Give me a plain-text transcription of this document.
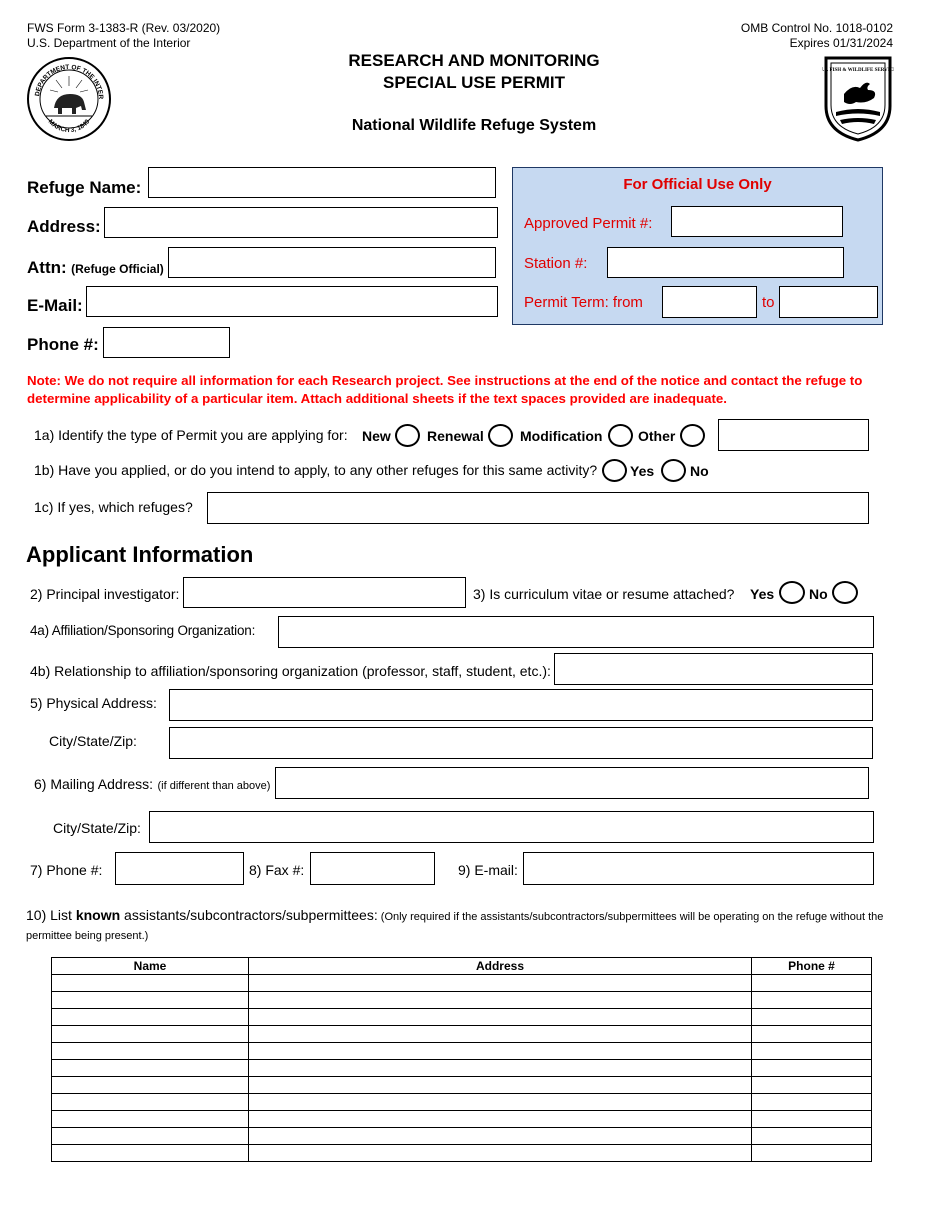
FWS Form 3-1383-R (Rev. 03/2020)
U.S. Department of the Interior
RESEARCH AND MONITORING
SPECIAL USE PERMIT
National Wildlife Refuge System
OMB Control No. 1018-0102
Expires 01/31/2024
DEPARTMENT OF THE INTER
MARCH 3, 1849
U.S. FISH & WILDLIFE SERVICE
Refuge Name:
Address:
Attn: (Refuge Official)
E-Mail:
Phone #:
For Official Use Only
Approved Permit #:
Station #:
Permit Term: from	to
Note: We do not require all information for each Research project. See instructions at the end of the notice and contact the refuge to determine applicability of a particular item. Attach additional sheets if the text spaces provided are inadequate.
1a) Identify the type of Permit you are applying for: New	Renewal	Modification	Other
1b) Have you applied, or do you intend to apply, to any other refuges for this same activity? Yes	No
1c) If yes, which refuges?
Applicant Information
2) Principal investigator:	3) Is curriculum vitae or resume attached? Yes No
4a) Affiliation/Sponsoring Organization:
4b) Relationship to affiliation/sponsoring organization (professor, staff, student, etc.):
5) Physical Address:
City/State/Zip:
6) Mailing Address: (if different than above)
City/State/Zip:
7) Phone #:	8) Fax #:	9) E-mail:
10) List known assistants/subcontractors/subpermittees: (Only required if the assistants/subcontractors/subpermittees will be operating on the refuge without the permittee being present.)
Name	Address	Phone #
